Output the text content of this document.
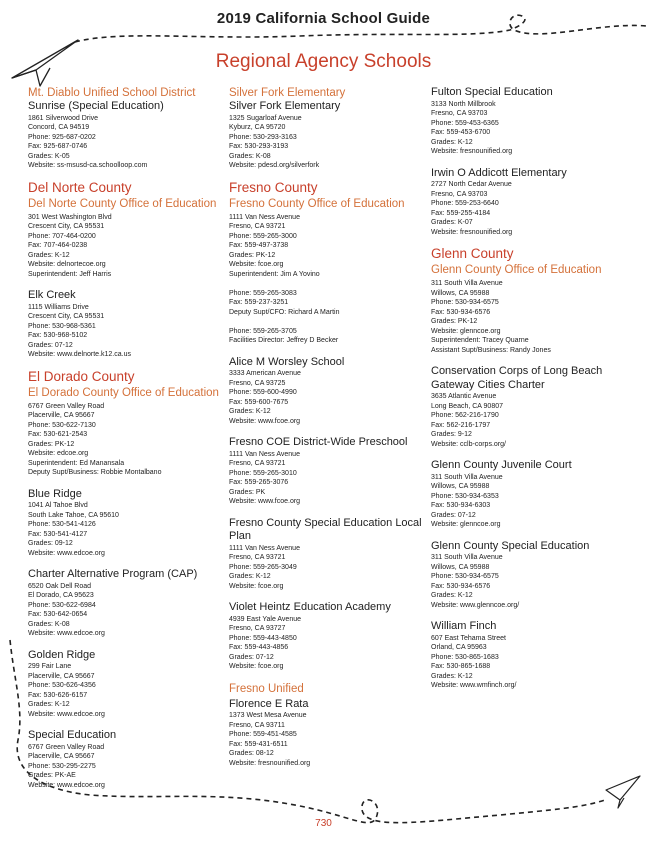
2019 California School Guide
Regional Agency Schools
Mt. Diablo Unified School District
Sunrise (Special Education)
1861 Silverwood Drive
Concord, CA 94519
Phone: 925-687-0202
Fax: 925-687-0746
Grades: K-05
Website: ss-msusd-ca.schoolloop.com
Del Norte County
Del Norte County Office of Education
301 West Washington Blvd
Crescent City, CA 95531
Phone: 707-464-0200
Fax: 707-464-0238
Grades: K-12
Website: delnortecoe.org
Superintendent: Jeff Harris
Elk Creek
1115 Williams Drive
Crescent City, CA 95531
Phone: 530-968-5361
Fax: 530-968-5102
Grades: 07-12
Website: www.delnorte.k12.ca.us
El Dorado County
El Dorado County Office of Education
6767 Green Valley Road
Placerville, CA 95667
Phone: 530-622-7130
Fax: 530-621-2543
Grades: PK-12
Website: edcoe.org
Superintendent: Ed Manansala
Deputy Supt/Business: Robbie Montalbano
Blue Ridge
1041 Al Tahoe Blvd
South Lake Tahoe, CA 95610
Phone: 530-541-4126
Fax: 530-541-4127
Grades: 09-12
Website: www.edcoe.org
Charter Alternative Program (CAP)
6520 Oak Dell Road
El Dorado, CA 95623
Phone: 530-622-6984
Fax: 530-642-0654
Grades: K-08
Website: www.edcoe.org
Golden Ridge
299 Fair Lane
Placerville, CA 95667
Phone: 530-626-4356
Fax: 530-626-6157
Grades: K-12
Website: www.edcoe.org
Special Education
6767 Green Valley Road
Placerville, CA 95667
Phone: 530-295-2275
Grades: PK-AE
Website: www.edcoe.org
Silver Fork Elementary
Silver Fork Elementary
1325 Sugarloaf Avenue
Kyburz, CA 95720
Phone: 530-293-3163
Fax: 530-293-3193
Grades: K-08
Website: pdesd.org/silverfork
Fresno County
Fresno County Office of Education
1111 Van Ness Avenue
Fresno, CA 93721
Phone: 559-265-3000
Fax: 559-497-3738
Grades: PK-12
Website: fcoe.org
Superintendent: Jim A Yovino
Phone: 559-265-3083
Fax: 559-237-3251
Deputy Supt/CFO: Richard A Martin
Phone: 559-265-3705
Facilities Director: Jeffrey D Becker
Alice M Worsley School
3333 American Avenue
Fresno, CA 93725
Phone: 559-600-4990
Fax: 559-600-7675
Grades: K-12
Website: www.fcoe.org
Fresno COE District-Wide Preschool
1111 Van Ness Avenue
Fresno, CA 93721
Phone: 559-265-3010
Fax: 559-265-3076
Grades: PK
Website: www.fcoe.org
Fresno County Special Education Local Plan
1111 Van Ness Avenue
Fresno, CA 93721
Phone: 559-265-3049
Grades: K-12
Website: fcoe.org
Violet Heintz Education Academy
4939 East Yale Avenue
Fresno, CA 93727
Phone: 559-443-4850
Fax: 559-443-4856
Grades: 07-12
Website: fcoe.org
Fresno Unified
Florence E Rata
1373 West Mesa Avenue
Fresno, CA 93711
Phone: 559-451-4585
Fax: 559-431-6511
Grades: 08-12
Website: fresnounified.org
Fulton Special Education
3133 North Millbrook
Fresno, CA 93703
Phone: 559-453-6365
Fax: 559-453-6700
Grades: K-12
Website: fresnounified.org
Irwin O Addicott Elementary
2727 North Cedar Avenue
Fresno, CA 93703
Phone: 559-253-6640
Fax: 559-255-4184
Grades: K-07
Website: fresnounified.org
Glenn County
Glenn County Office of Education
311 South Villa Avenue
Willows, CA 95988
Phone: 530-934-6575
Fax: 530-934-6576
Grades: PK-12
Website: glenncoe.org
Superintendent: Tracey Quarne
Assistant Supt/Business: Randy Jones
Conservation Corps of Long Beach Gateway Cities Charter
3635 Atlantic Avenue
Long Beach, CA 90807
Phone: 562-216-1790
Fax: 562-216-1797
Grades: 9-12
Website: cclb-corps.org/
Glenn County Juvenile Court
311 South Villa Avenue
Willows, CA 95988
Phone: 530-934-6353
Fax: 530-934-6303
Grades: 07-12
Website: glenncoe.org
Glenn County Special Education
311 South Villa Avenue
Willows, CA 95988
Phone: 530-934-6575
Fax: 530-934-6576
Grades: K-12
Website: www.glenncoe.org/
William Finch
607 East Tehama Street
Orland, CA 95963
Phone: 530-865-1683
Fax: 530-865-1688
Grades: K-12
Website: www.wmfinch.org/
730
